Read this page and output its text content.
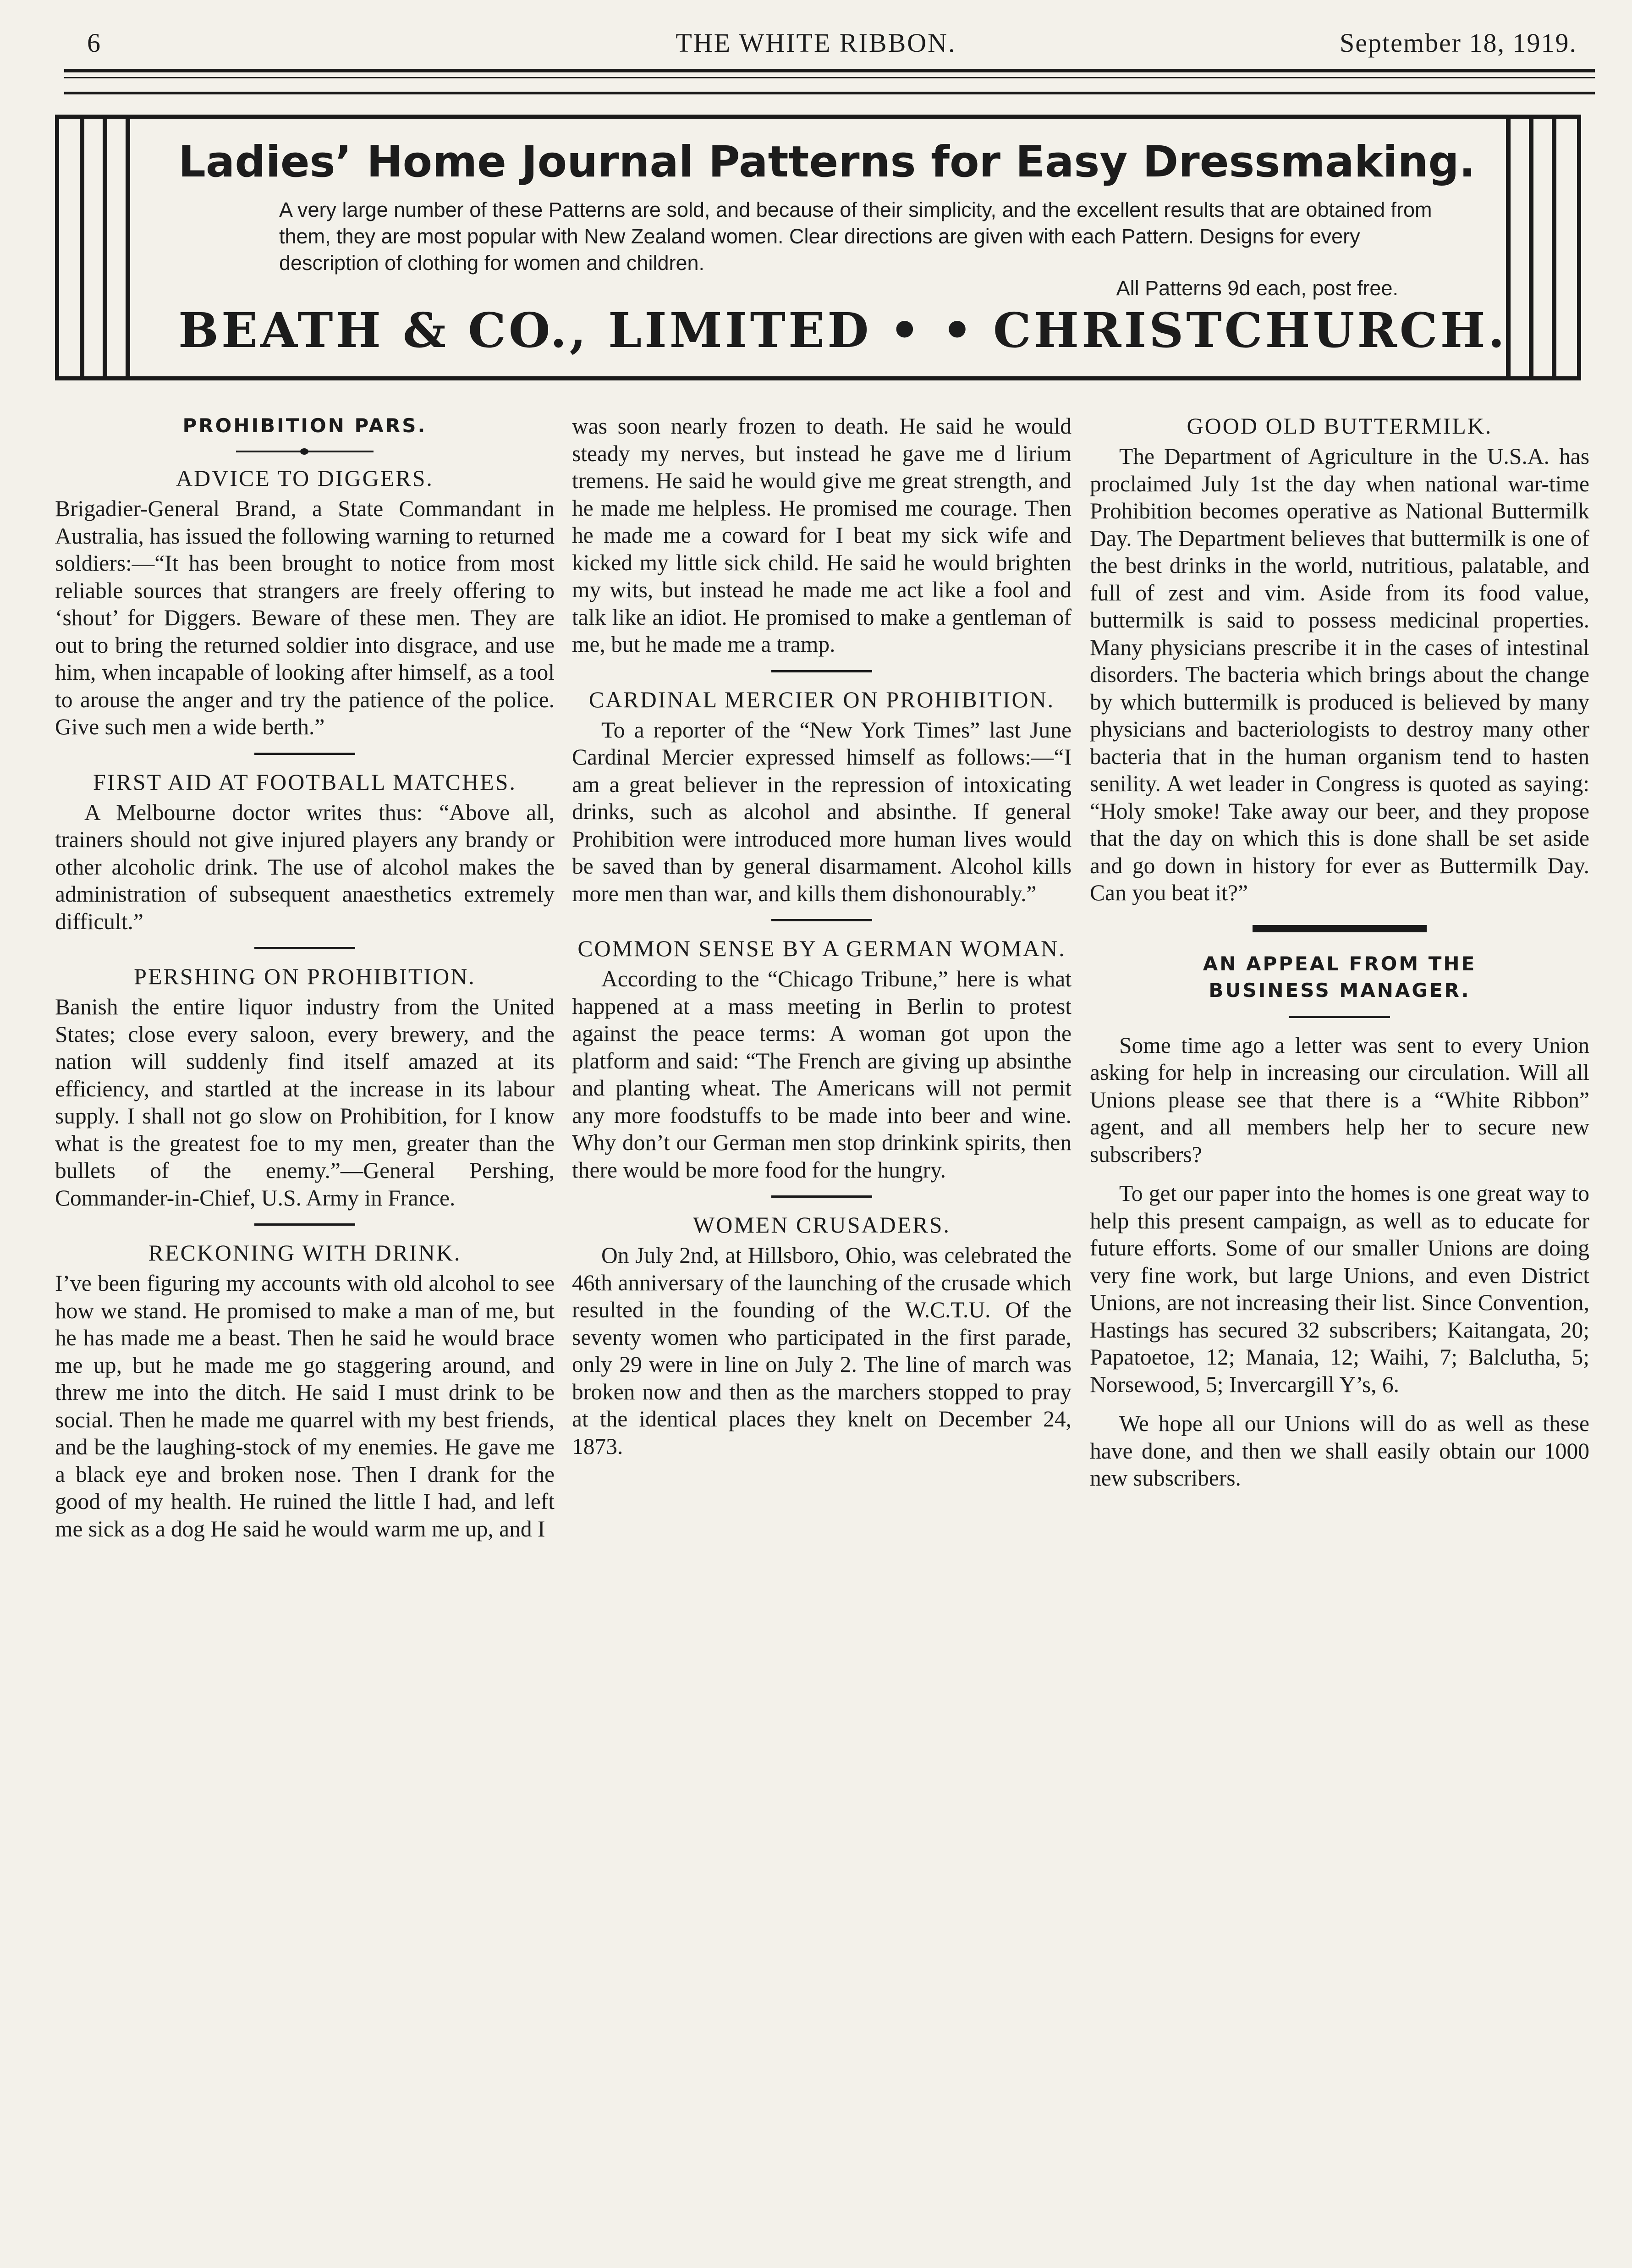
6	THE WHITE RIBBON.	September 18, 1919.
Ladies’ Home Journal Patterns for Easy Dressmaking.
A very large number of these Patterns are sold, and because of their simplicity, and the excellent results that are obtained from them, they are most popular with New Zealand women. Clear directions are given with each Pattern. Designs for every description of clothing for women and children.
All Patterns 9d each, post free.
BEATH & CO., LIMITED • • CHRISTCHURCH.
PROHIBITION PARS.
ADVICE TO DIGGERS.

Brigadier-General Brand, a State Commandant in Australia, has issued the following warning to returned soldiers:—“It has been brought to notice from most reliable sources that strangers are freely offering to ‘shout’ for Diggers. Beware of these men. They are out to bring the returned soldier into disgrace, and use him, when incapable of looking after himself, as a tool to arouse the anger and try the patience of the police. Give such men a wide berth.”

FIRST AID AT FOOTBALL MATCHES.

A Melbourne doctor writes thus: “Above all, trainers should not give injured players any brandy or other alcoholic drink. The use of alcohol makes the administration of subsequent anaesthetics extremely difficult.”

PERSHING ON PROHIBITION.

Banish the entire liquor industry from the United States; close every saloon, every brewery, and the nation will suddenly find itself amazed at its efficiency, and startled at the increase in its labour supply. I shall not go slow on Prohibition, for I know what is the greatest foe to my men, greater than the bullets of the enemy.”—General Pershing, Commander-in-Chief, U.S. Army in France.

RECKONING WITH DRINK.

I’ve been figuring my accounts with old alcohol to see how we stand. He promised to make a man of me, but he has made me a beast. Then he said he would brace me up, but he made me go staggering around, and threw me into the ditch. He said I must drink to be social. Then he made me quarrel with my best friends, and be the laughing-stock of my enemies. He gave me a black eye and broken nose. Then I drank for the good of my health. He ruined the little I had, and left me sick as a dog He said he would warm me up, and I

was soon nearly frozen to death. He said he would steady my nerves, but instead he gave me d lirium tremens. He said he would give me great strength, and he made me helpless. He promised me courage. Then he made me a coward for I beat my sick wife and kicked my little sick child. He said he would brighten my wits, but instead he made me act like a fool and talk like an idiot. He promised to make a gentleman of me, but he made me a tramp.

CARDINAL MERCIER ON PROHIBITION.

To a reporter of the “New York Times” last June Cardinal Mercier expressed himself as follows:—“I am a great believer in the repression of intoxicating drinks, such as alcohol and absinthe. If general Prohibition were introduced more human lives would be saved than by general disarmament. Alcohol kills more men than war, and kills them dishonourably.”

COMMON SENSE BY A GERMAN WOMAN.

According to the “Chicago Tribune,” here is what happened at a mass meeting in Berlin to protest against the peace terms: A woman got upon the platform and said: “The French are giving up absinthe and planting wheat. The Americans will not permit any more foodstuffs to be made into beer and wine. Why don’t our German men stop drinkink spirits, then there would be more food for the hungry.

WOMEN CRUSADERS.

On July 2nd, at Hillsboro, Ohio, was celebrated the 46th anniversary of the launching of the crusade which resulted in the founding of the W.C.T.U. Of the seventy women who participated in the first parade, only 29 were in line on July 2. The line of march was broken now and then as the marchers stopped to pray at the identical places they knelt on December 24, 1873.

GOOD OLD BUTTERMILK.

The Department of Agriculture in the U.S.A. has proclaimed July 1st the day when national war-time Prohibition becomes operative as National Buttermilk Day. The Department believes that buttermilk is one of the best drinks in the world, nutritious, palatable, and full of zest and vim. Aside from its food value, buttermilk is said to possess medicinal properties. Many physicians prescribe it in the cases of intestinal disorders. The bacteria which brings about the change by which buttermilk is produced is believed by many physicians and bacteriologists to destroy many other bacteria that in the human organism tend to hasten senility. A wet leader in Congress is quoted as saying: “Holy smoke! Take away our beer, and they propose that the day on which this is done shall be set aside and go down in history for ever as Buttermilk Day. Can you beat it?”

AN APPEAL FROM THE BUSINESS MANAGER.

Some time ago a letter was sent to every Union asking for help in increasing our circulation. Will all Unions please see that there is a “White Ribbon” agent, and all members help her to secure new subscribers?

To get our paper into the homes is one great way to help this present campaign, as well as to educate for future efforts. Some of our smaller Unions are doing very fine work, but large Unions, and even District Unions, are not increasing their list. Since Convention, Hastings has secured 32 subscribers; Kaitangata, 20; Papatoetoe, 12; Manaia, 12; Waihi, 7; Balclutha, 5; Norsewood, 5; Invercargill Y’s, 6.

We hope all our Unions will do as well as these have done, and then we shall easily obtain our 1000 new subscribers.
